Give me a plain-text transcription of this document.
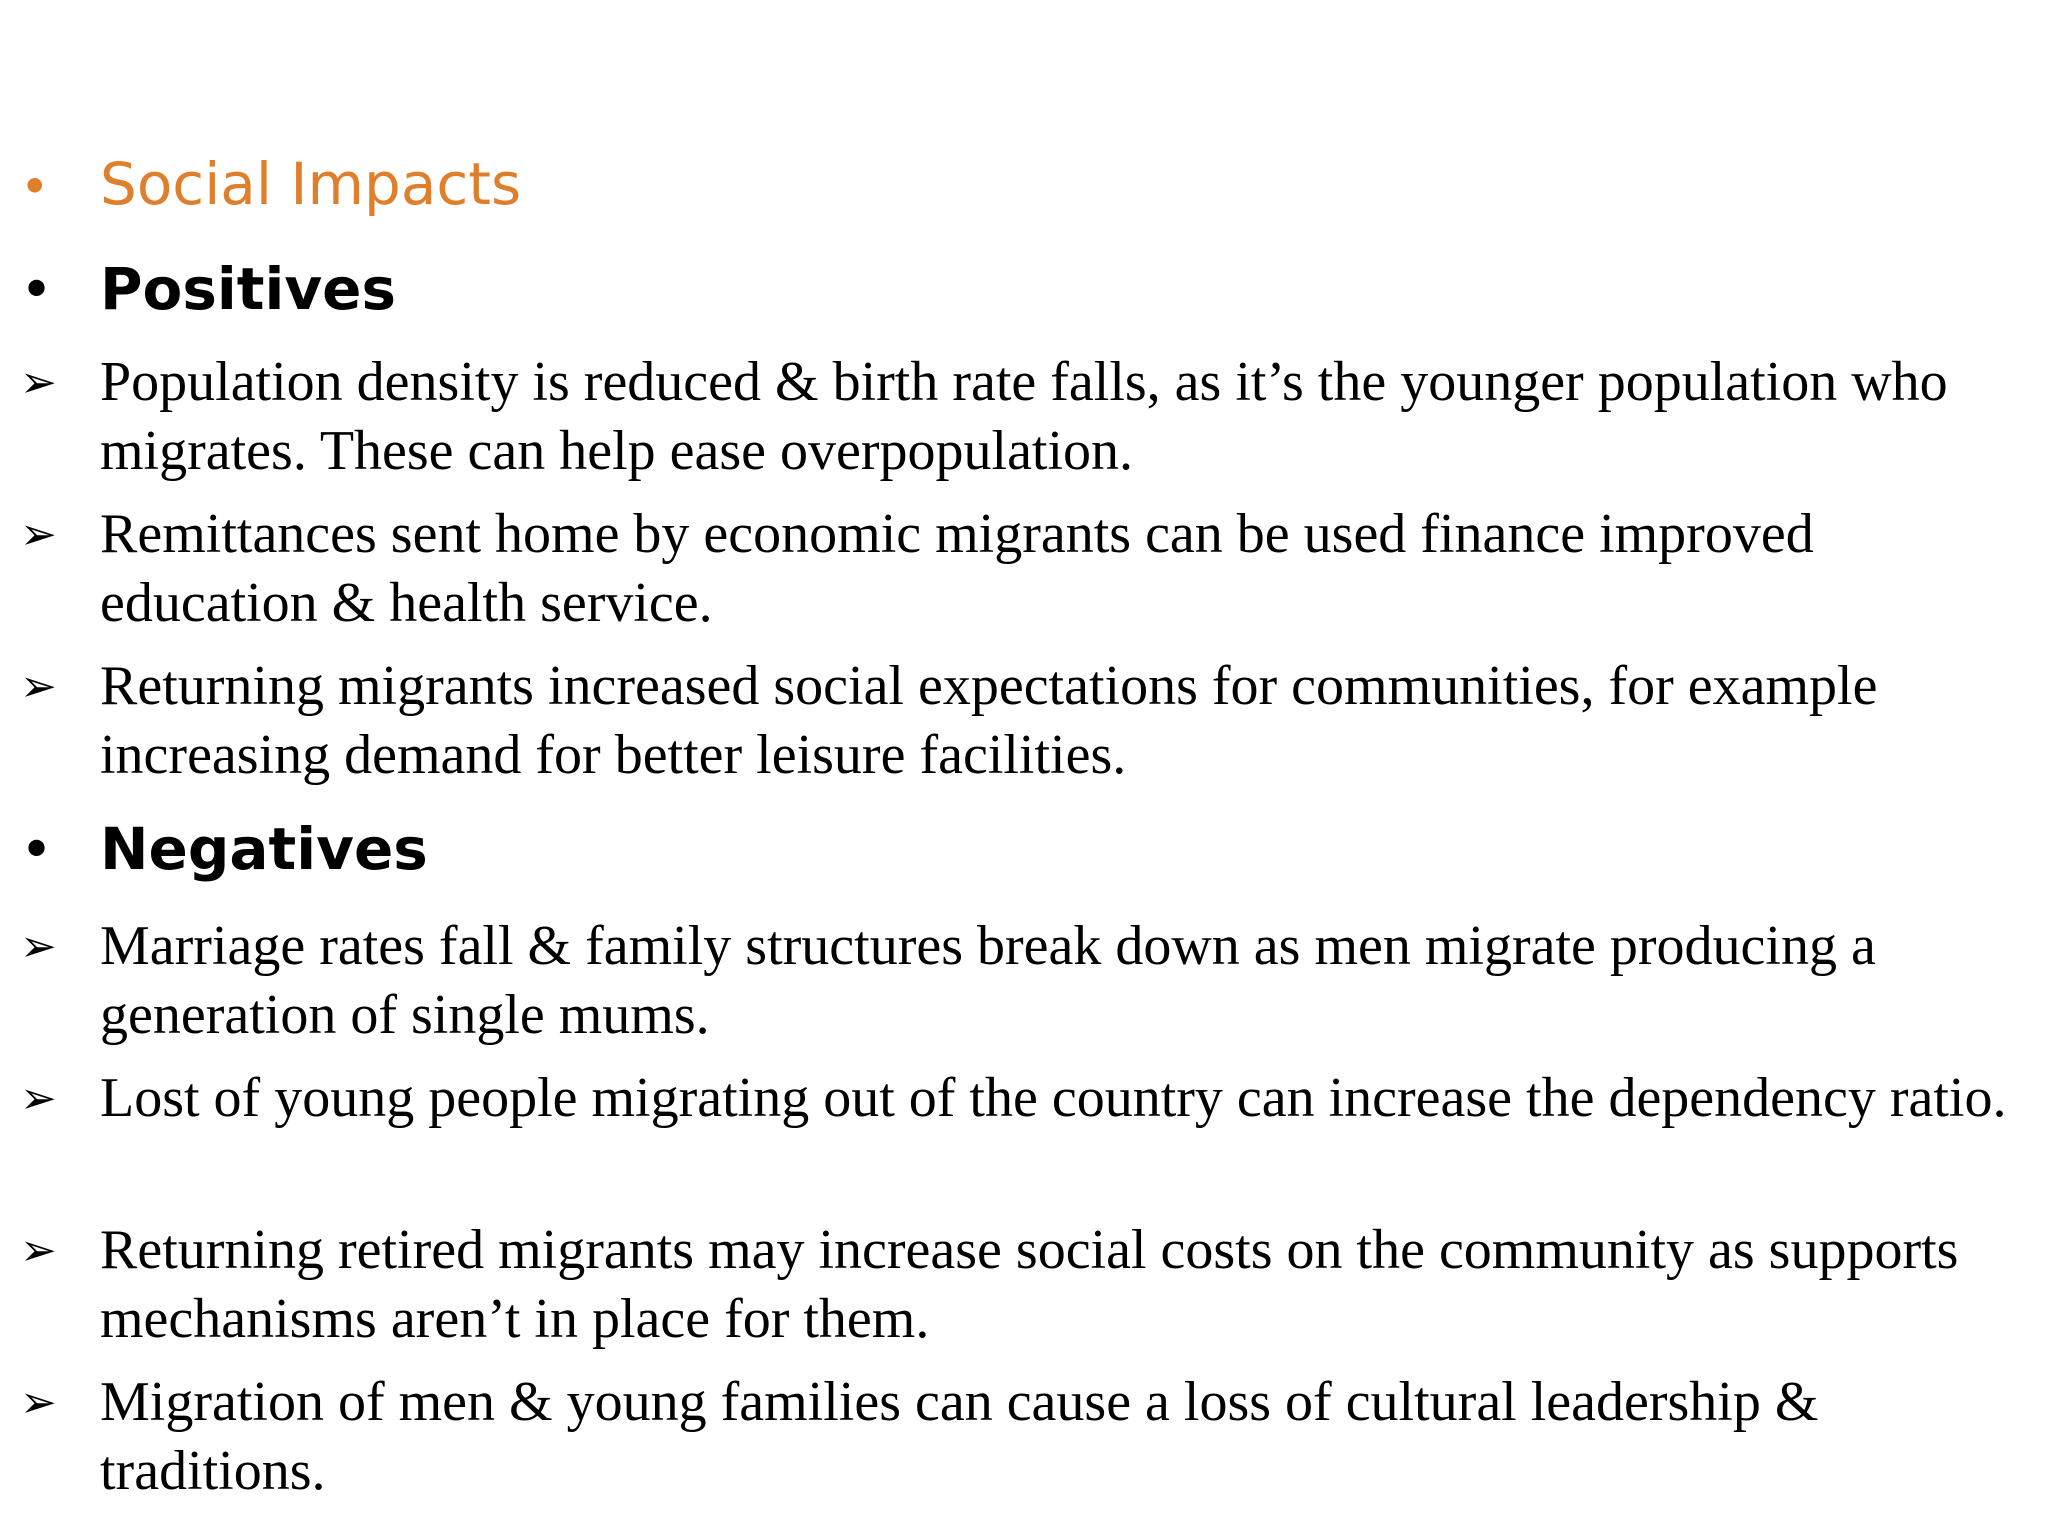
• Social Impacts
• Positives
➢ Population density is reduced & birth rate falls, as it’s the younger population who migrates. These can help ease overpopulation.
➢ Remittances sent home by economic migrants can be used finance improved education & health service.
➢ Returning migrants increased social expectations for communities, for example increasing demand for better leisure facilities.
• Negatives
➢ Marriage rates fall & family structures break down as men migrate producing a generation of single mums.
➢ Lost of young people migrating out of the country can increase the dependency ratio.
➢ Returning retired migrants may increase social costs on the community as supports mechanisms aren’t in place for them.
➢ Migration of men & young families can cause a loss of cultural leadership & traditions.
